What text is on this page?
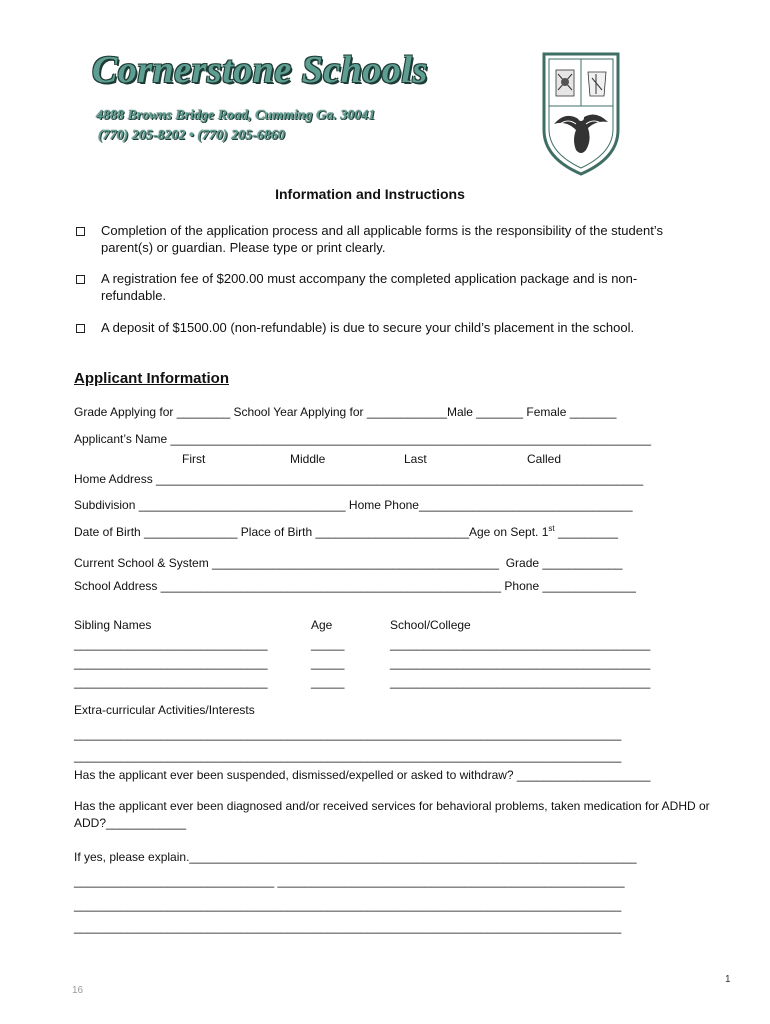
Cornerstone Schools
4888 Browns Bridge Road, Cumming Ga. 30041
(770) 205-8202 • (770) 205-6860
Information and Instructions
Completion of the application process and all applicable forms is the responsibility of the student’s parent(s) or guardian. Please type or print clearly.
A registration fee of $200.00 must accompany the completed application package and is non-refundable.
A deposit of $1500.00 (non-refundable) is due to secure your child’s placement in the school.
Applicant Information
Grade Applying for ________ School Year Applying for ____________Male _______ Female _______
Applicant’s Name ________________________________________________________________________
First	Middle	Last	Called
Home Address _________________________________________________________________________
Subdivision _______________________________ Home Phone________________________________
Date of Birth ______________ Place of Birth _______________________Age on Sept. 1st _________
Current School & System ___________________________________________  Grade ____________
School Address ___________________________________________________ Phone ______________
Sibling Names	Age	School/College
_____________________________	_____	_______________________________________
_____________________________	_____	_______________________________________
_____________________________	_____	_______________________________________
Extra-curricular Activities/Interests
__________________________________________________________________________________
__________________________________________________________________________________
Has the applicant ever been suspended, dismissed/expelled or asked to withdraw? ____________________
Has the applicant ever been diagnosed and/or received services for behavioral problems, taken medication for ADHD or ADD?____________
If yes, please explain.___________________________________________________________________
______________________________ ____________________________________________________
__________________________________________________________________________________
__________________________________________________________________________________
1
16
